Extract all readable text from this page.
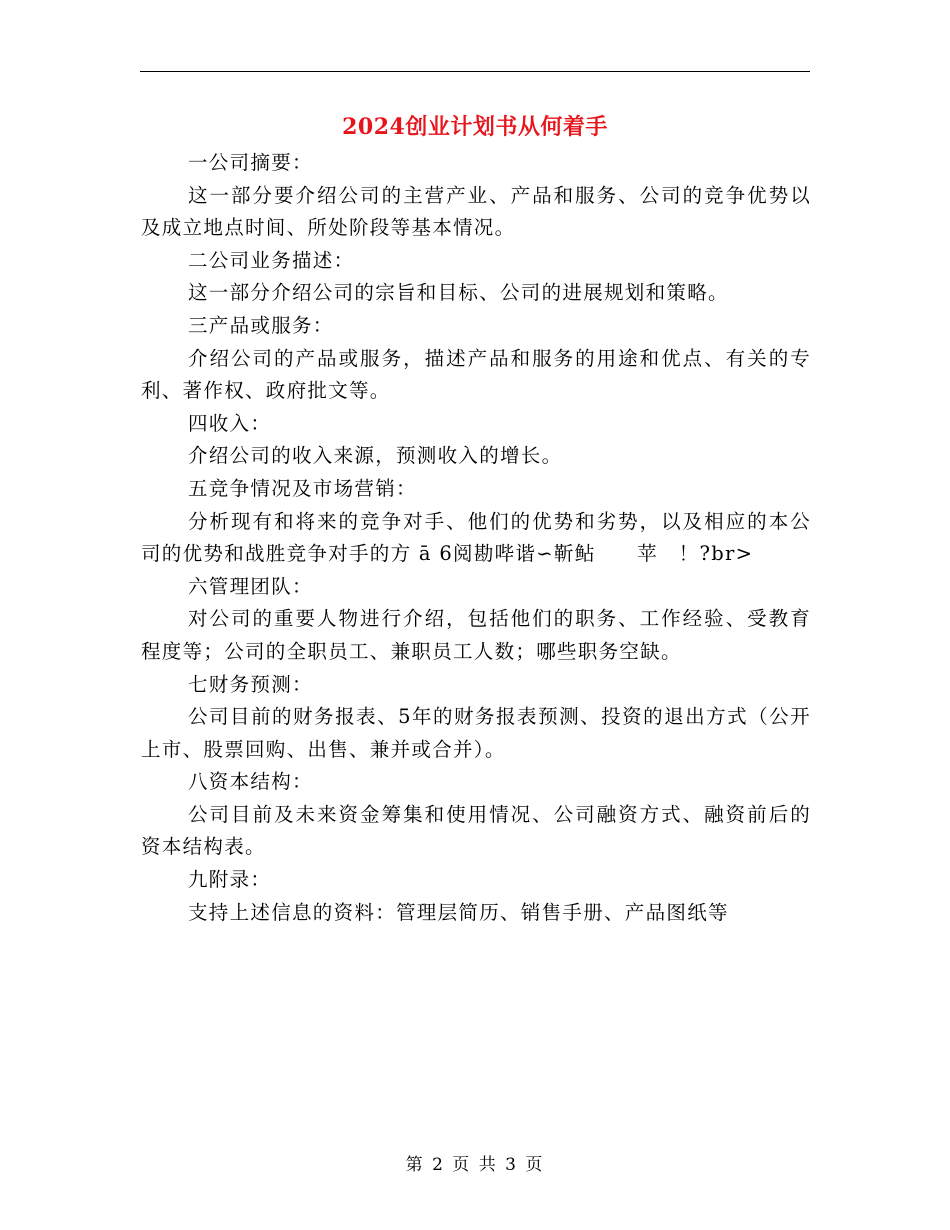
2024创业计划书从何着手

一公司摘要：

这一部分要介绍公司的主营产业、产品和服务、公司的竞争优势以及成立地点时间、所处阶段等基本情况。

二公司业务描述：

这一部分介绍公司的宗旨和目标、公司的进展规划和策略。

三产品或服务：

介绍公司的产品或服务，描述产品和服务的用途和优点、有关的专利、著作权、政府批文等。

四收入：

介绍公司的收入来源，预测收入的增长。

五竞争情况及市场营销：

分析现有和将来的竞争对手、他们的优势和劣势，以及相应的本公司的优势和战胜竞争对手的方 ā 6阅勘哔谐∽靳鲇　　苹　！?br>

六管理团队：

对公司的重要人物进行介绍，包括他们的职务、工作经验、受教育程度等；公司的全职员工、兼职员工人数；哪些职务空缺。

七财务预测：

公司目前的财务报表、5年的财务报表预测、投资的退出方式（公开上市、股票回购、出售、兼并或合并）。

八资本结构：

公司目前及未来资金筹集和使用情况、公司融资方式、融资前后的资本结构表。

九附录：

支持上述信息的资料：管理层简历、销售手册、产品图纸等

第 2 页 共 3 页
